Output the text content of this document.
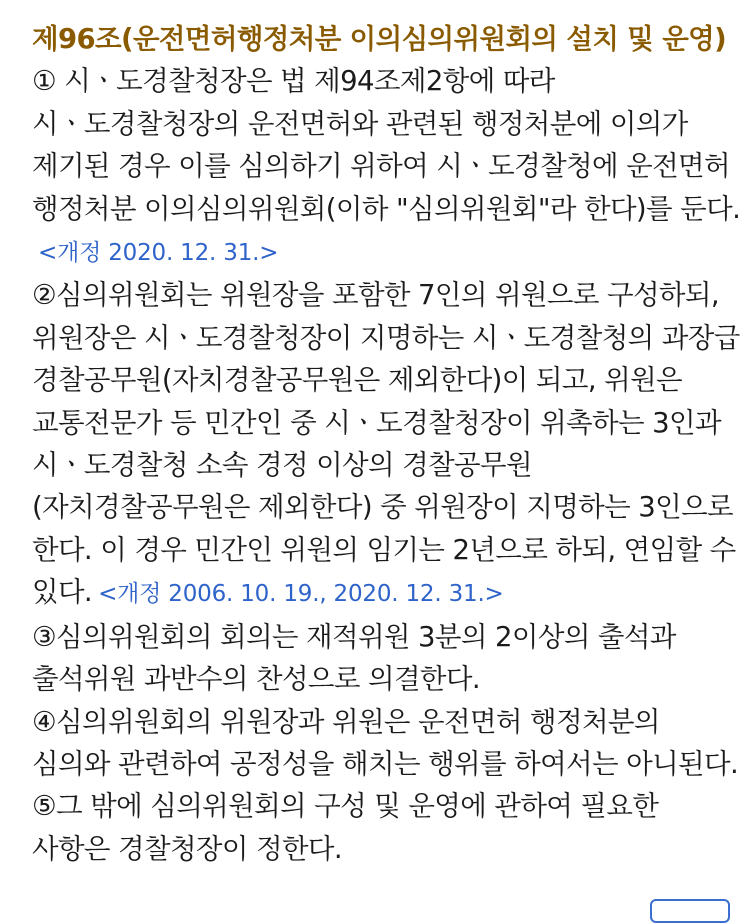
제96조(운전면허행정처분 이의심의위원회의 설치 및 운영) ① 시ㆍ도경찰청장은 법 제94조제2항에 따라 시ㆍ도경찰청장의 운전면허와 관련된 행정처분에 이의가 제기된 경우 이를 심의하기 위하여 시ㆍ도경찰청에 운전면허 행정처분 이의심의위원회(이하 "심의위원회"라 한다)를 둔다.<개정 2020. 12. 31.>

②심의위원회는 위원장을 포함한 7인의 위원으로 구성하되, 위원장은 시ㆍ도경찰청장이 지명하는 시ㆍ도경찰청의 과장급 경찰공무원(자치경찰공무원은 제외한다)이 되고, 위원은 교통전문가 등 민간인 중 시ㆍ도경찰청장이 위촉하는 3인과 시ㆍ도경찰청 소속 경정 이상의 경찰공무원(자치경찰공무원은 제외한다) 중 위원장이 지명하는 3인으로 한다. 이 경우 민간인 위원의 임기는 2년으로 하되, 연임할 수 있다. <개정 2006. 10. 19., 2020. 12. 31.>

③심의위원회의 회의는 재적위원 3분의 2이상의 출석과 출석위원 과반수의 찬성으로 의결한다.

④심의위원회의 위원장과 위원은 운전면허 행정처분의 심의와 관련하여 공정성을 해치는 행위를 하여서는 아니된다.

⑤그 밖에 심의위원회의 구성 및 운영에 관하여 필요한 사항은 경찰청장이 정한다.
